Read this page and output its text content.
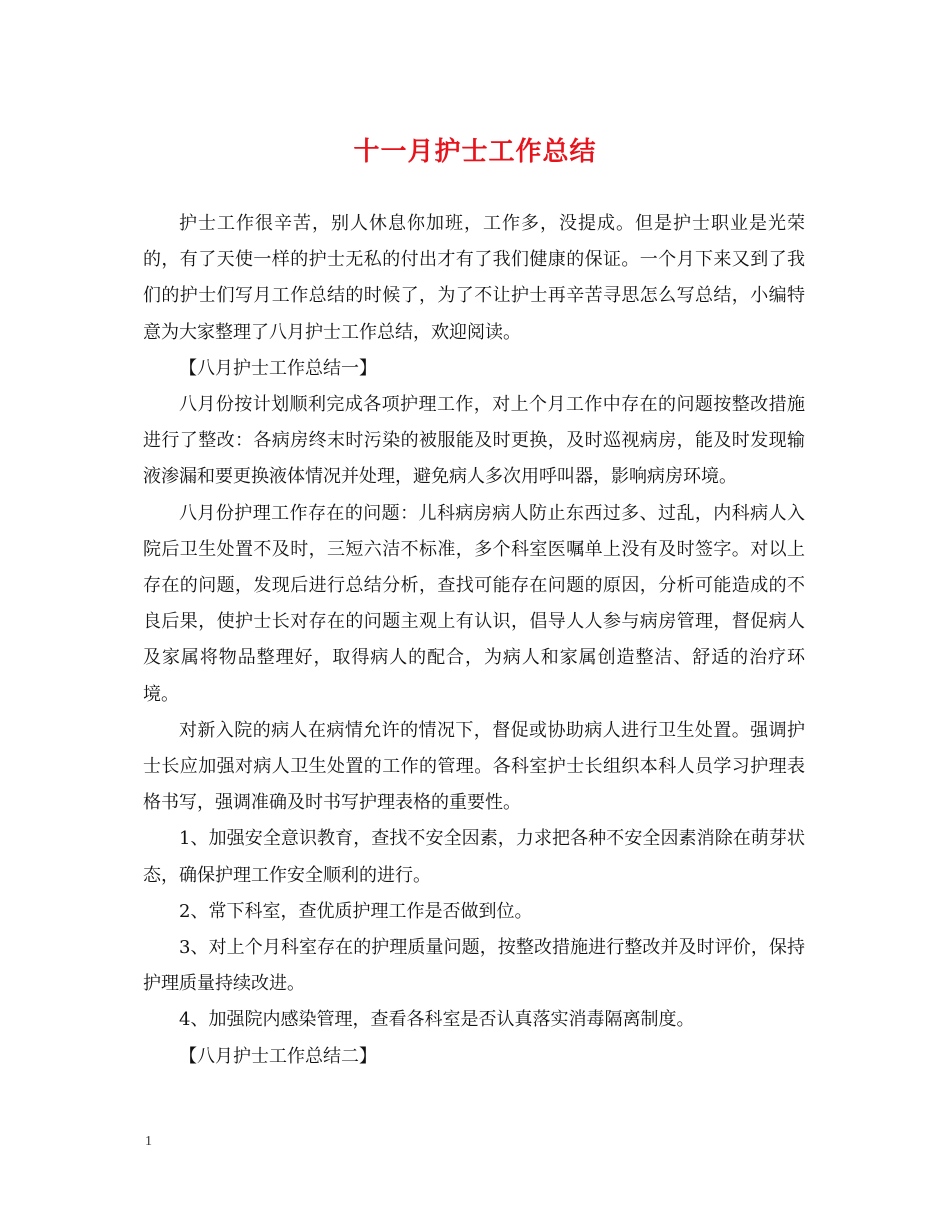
十一月护士工作总结

护士工作很辛苦，别人休息你加班，工作多，没提成。但是护士职业是光荣的，有了天使一样的护士无私的付出才有了我们健康的保证。一个月下来又到了我们的护士们写月工作总结的时候了，为了不让护士再辛苦寻思怎么写总结，小编特意为大家整理了八月护士工作总结，欢迎阅读。

【八月护士工作总结一】

八月份按计划顺利完成各项护理工作，对上个月工作中存在的问题按整改措施进行了整改：各病房终末时污染的被服能及时更换，及时巡视病房，能及时发现输液渗漏和要更换液体情况并处理，避免病人多次用呼叫器，影响病房环境。

八月份护理工作存在的问题：儿科病房病人防止东西过多、过乱，内科病人入院后卫生处置不及时，三短六洁不标准，多个科室医嘱单上没有及时签字。对以上存在的问题，发现后进行总结分析，查找可能存在问题的原因，分析可能造成的不良后果，使护士长对存在的问题主观上有认识，倡导人人参与病房管理，督促病人及家属将物品整理好，取得病人的配合，为病人和家属创造整洁、舒适的治疗环境。

对新入院的病人在病情允许的情况下，督促或协助病人进行卫生处置。强调护士长应加强对病人卫生处置的工作的管理。各科室护士长组织本科人员学习护理表格书写，强调准确及时书写护理表格的重要性。

1、加强安全意识教育，查找不安全因素，力求把各种不安全因素消除在萌芽状态，确保护理工作安全顺利的进行。

2、常下科室，查优质护理工作是否做到位。

3、对上个月科室存在的护理质量问题，按整改措施进行整改并及时评价，保持护理质量持续改进。

4、加强院内感染管理，查看各科室是否认真落实消毒隔离制度。

【八月护士工作总结二】

1
